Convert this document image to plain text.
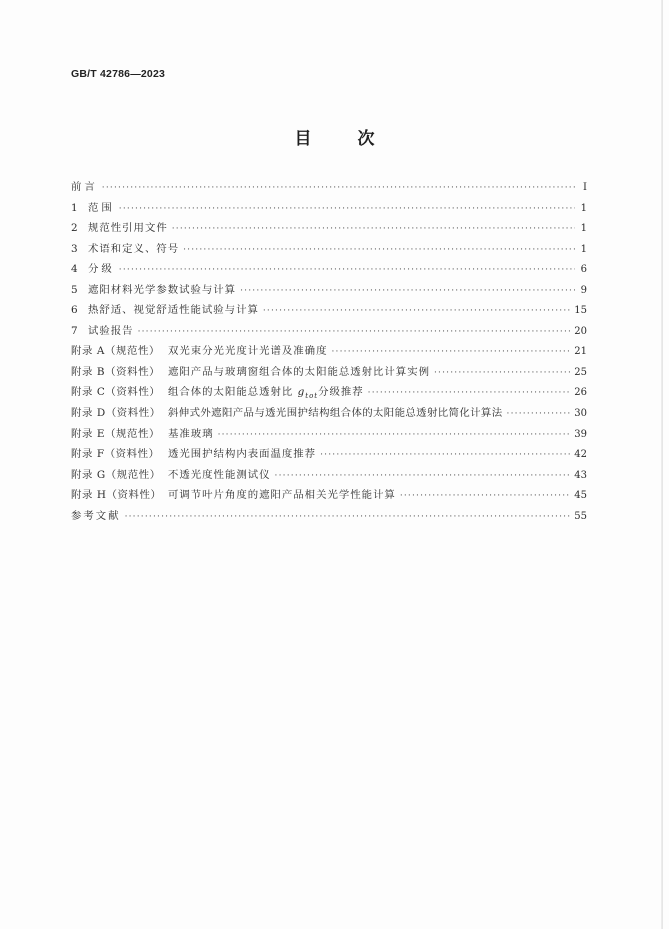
GB/T 42786—2023
目	次
前言 ·····	Ⅰ
1 范围 ·····	1
2 规范性引用文件 ·····	1
3 术语和定义、符号 ·····	1
4 分级 ·····	6
5 遮阳材料光学参数试验与计算 ·····	9
6 热舒适、视觉舒适性能试验与计算 ·····	15
7 试验报告 ·····	20
附录 A（规范性） 双光束分光光度计光谱及准确度 ·····	21
附录 B（资料性） 遮阳产品与玻璃窗组合体的太阳能总透射比计算实例 ·····	25
附录 C（资料性） 组合体的太阳能总透射比 $g_{tot}$分级推荐 ·····	26
附录 D（资料性） 斜伸式外遮阳产品与透光围护结构组合体的太阳能总透射比简化计算法 ·····	30
附录 E（规范性） 基准玻璃 ·····	39
附录 F（资料性） 透光围护结构内表面温度推荐 ·····	42
附录 G（规范性） 不透光度性能测试仪 ·····	43
附录 H（资料性） 可调节叶片角度的遮阳产品相关光学性能计算 ·····	45
参考文献 ·····	55
